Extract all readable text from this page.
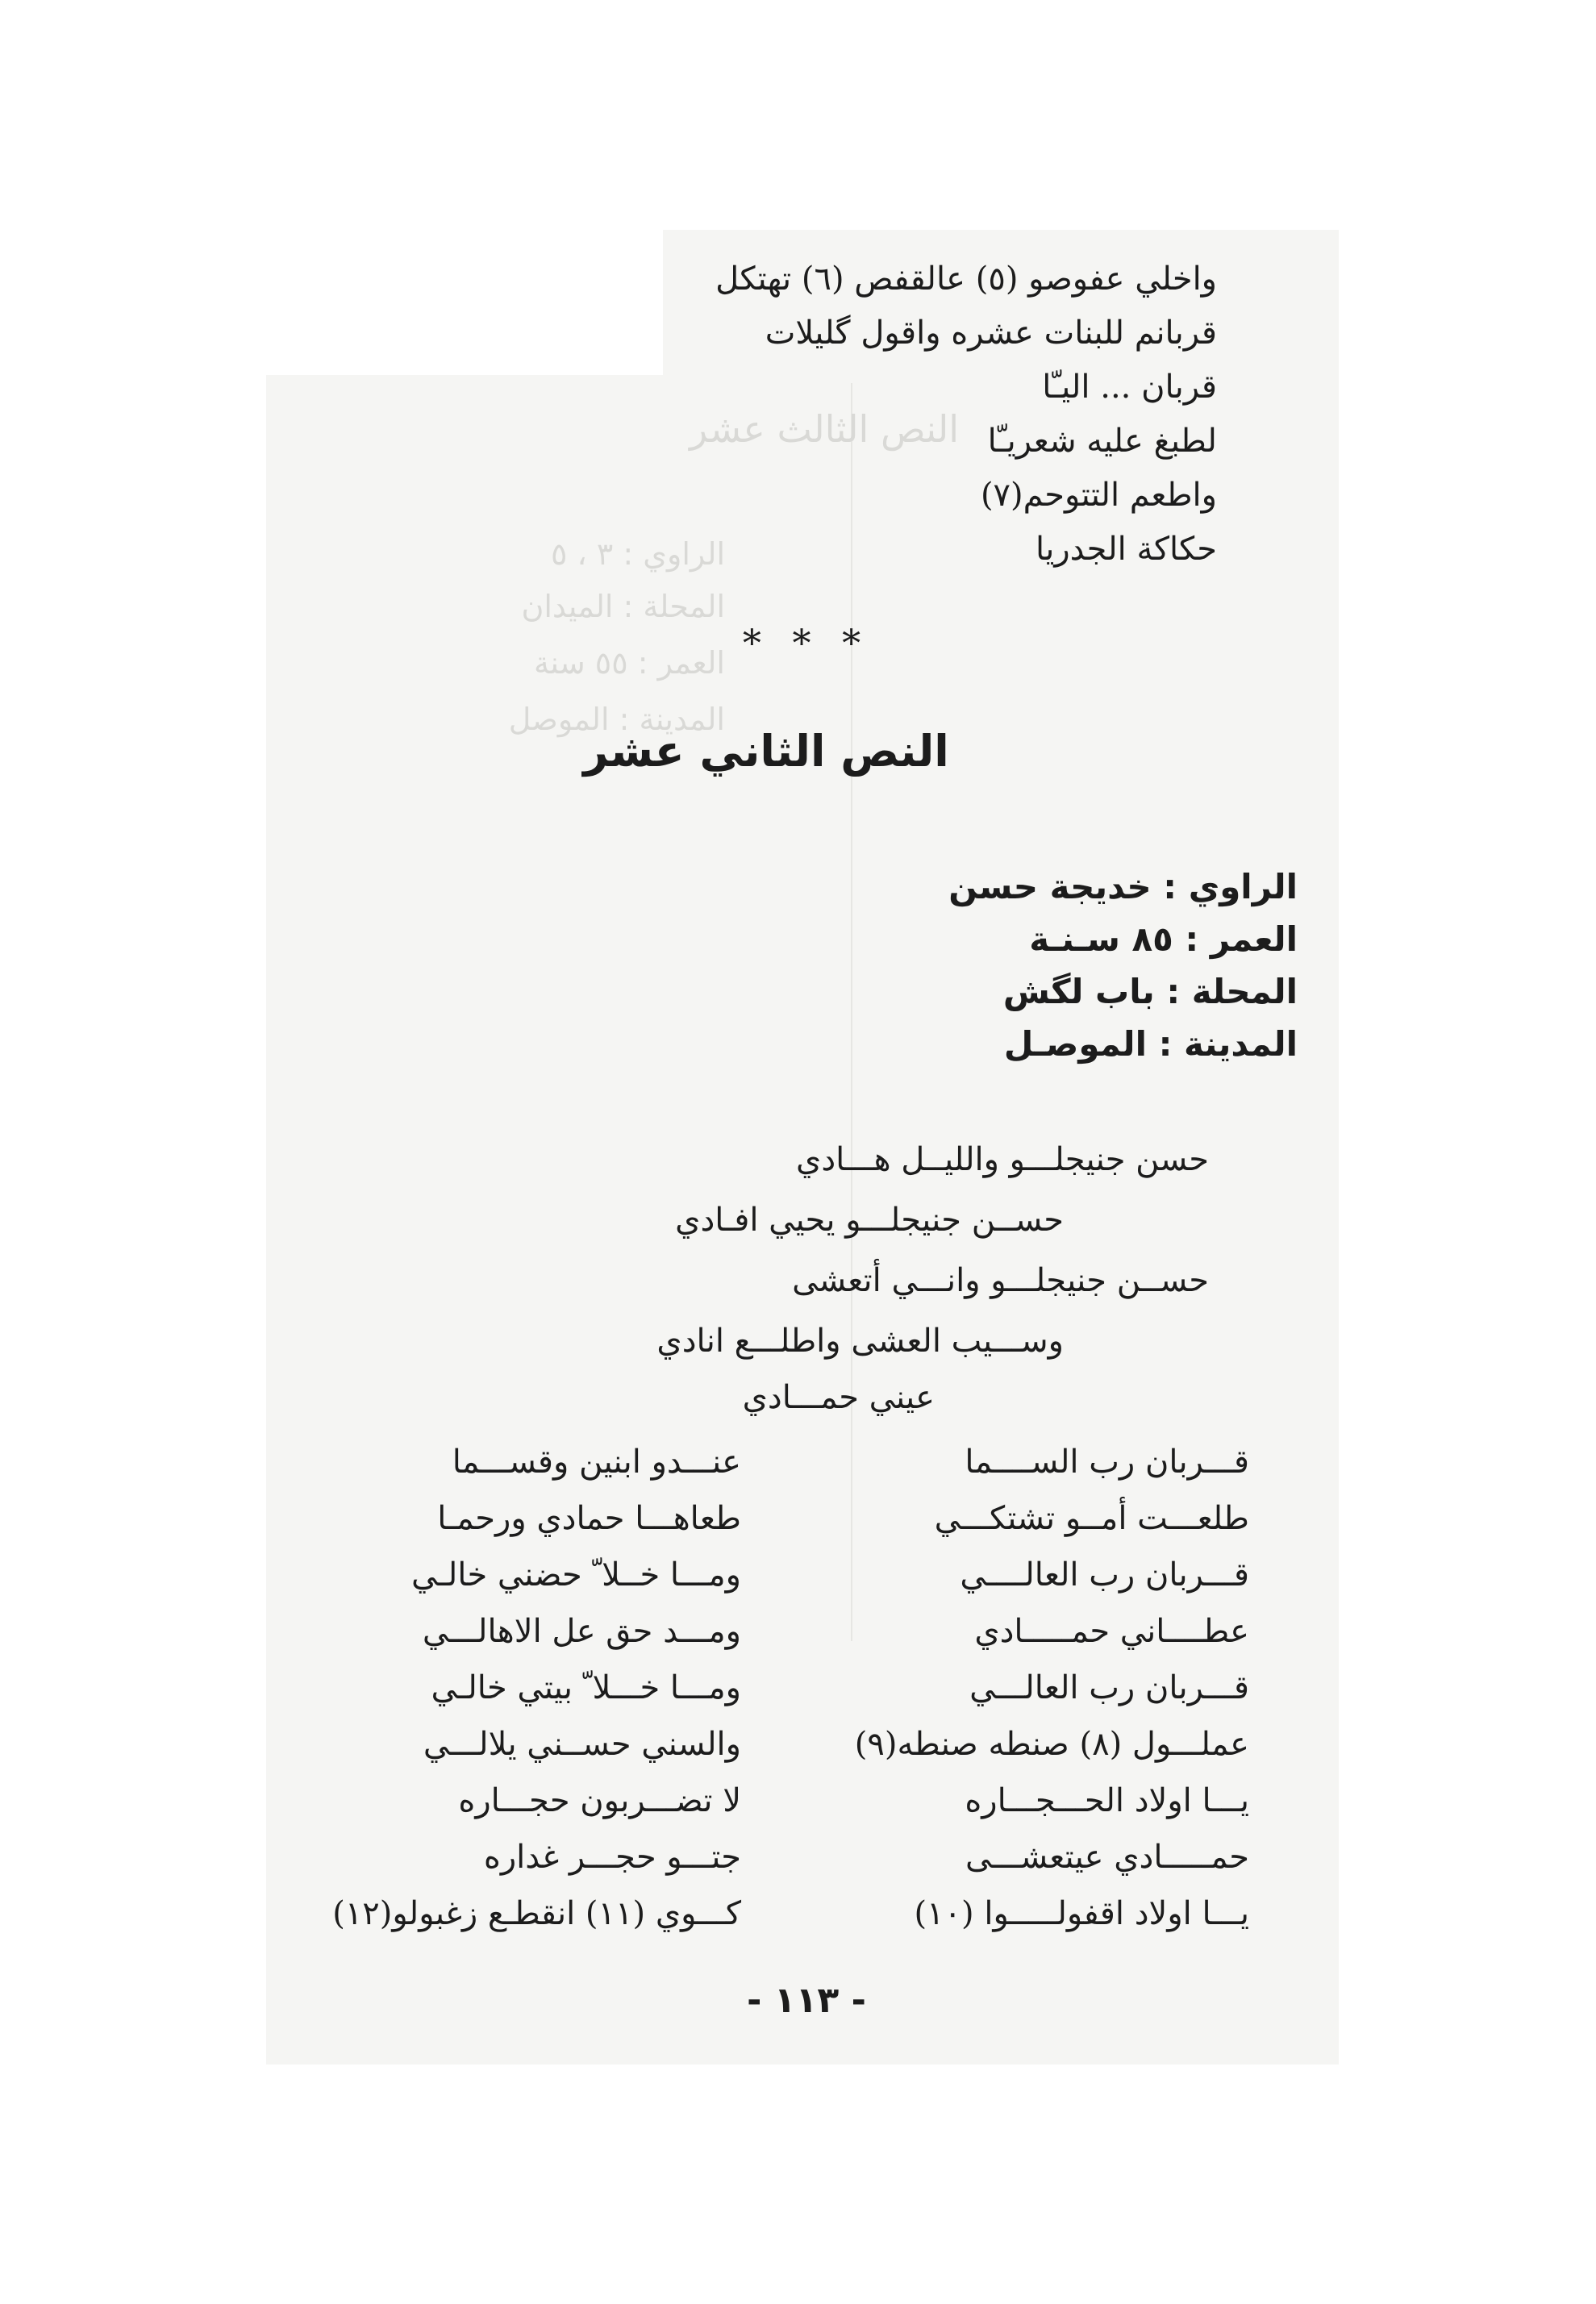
النص الثالث عشر
الراوي : ٣ ، ٥
المحلة : الميدان
العمر : ٥٥ سنة
المدينة : الموصل
واخلي عفوصو (٥) عالقفص (٦) تهتكل
قربانم للبنات عشره واقول گليلات
قربان ... اليـّا
لطبغ عليه شعريـّا
واطعم التتوحم(٧)
حكاكة الجدريا
* * *
النص الثاني عشر
الراوي : خديجة حسن
العمر : ٨٥ سـنـة
المحلة : باب لگش
المدينة : الموصـل
حسن جنيجلـــو والليــل هـــادي
حســن جنيجلـــو يحيي افـادي
حســن جنيجلـــو وانـــي أتعشى
وســـيب العشى واطلـــع انادي
عيني حمـــادي
قـــربان رب الســــما
طلعـــت أمــو تشتكـــي
قـــربان رب العالــــي
عطــــاني حمـــــادي
قـــربان رب العالـــي
عملـــول (٨) صنطه صنطه(٩)
يـــا اولاد الحـــجـــاره
حمـــــادي عيتعشـــى
يـــا اولاد اقفولـــــوا (١٠)
عنـــدو ابنين وقســـما
طعاهـــا حمادي ورحمـا
ومـــا خــلا ّ حضني خالـي
ومـــد حق عل الاهالـــي
ومـــا خـــلا ّ بيتي خالـي
والسني حســني يلالـــي
لا تضـــربون حجـــاره
جتـــو حجـــر غداره
كـــوي (١١) انقطـع زغبولو(١٢)
- ١١٣ -
